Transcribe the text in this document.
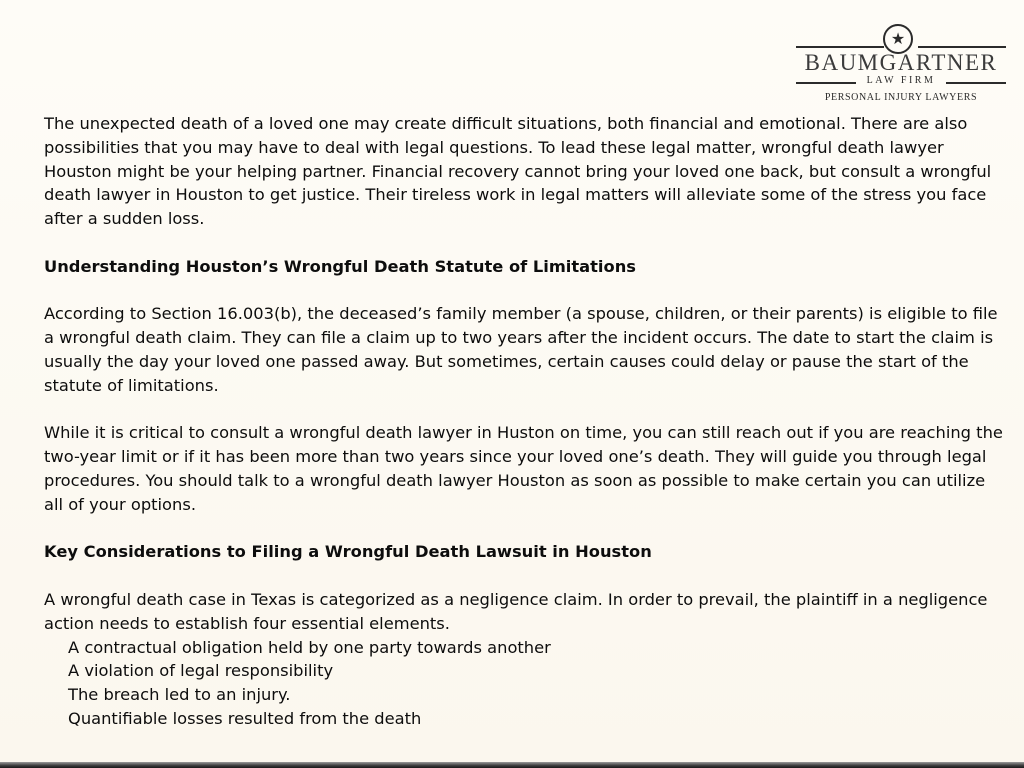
★
BAUMGARTNER
LAW FIRM
PERSONAL INJURY LAWYERS

The unexpected death of a loved one may create difficult situations, both financial and emotional. There are also possibilities that you may have to deal with legal questions. To lead these legal matter, wrongful death lawyer Houston might be your helping partner. Financial recovery cannot bring your loved one back, but consult a wrongful death lawyer in Houston to get justice. Their tireless work in legal matters will alleviate some of the stress you face after a sudden loss.

Understanding Houston’s Wrongful Death Statute of Limitations

According to Section 16.003(b), the deceased’s family member (a spouse, children, or their parents) is eligible to file a wrongful death claim. They can file a claim up to two years after the incident occurs. The date to start the claim is usually the day your loved one passed away. But sometimes, certain causes could delay or pause the start of the statute of limitations.

While it is critical to consult a wrongful death lawyer in Huston on time, you can still reach out if you are reaching the two-year limit or if it has been more than two years since your loved one’s death. They will guide you through legal procedures. You should talk to a wrongful death lawyer Houston as soon as possible to make certain you can utilize all of your options.

Key Considerations to Filing a Wrongful Death Lawsuit in Houston

A wrongful death case in Texas is categorized as a negligence claim. In order to prevail, the plaintiff in a negligence action needs to establish four essential elements.

A contractual obligation held by one party towards another
A violation of legal responsibility
The breach led to an injury.
Quantifiable losses resulted from the death
